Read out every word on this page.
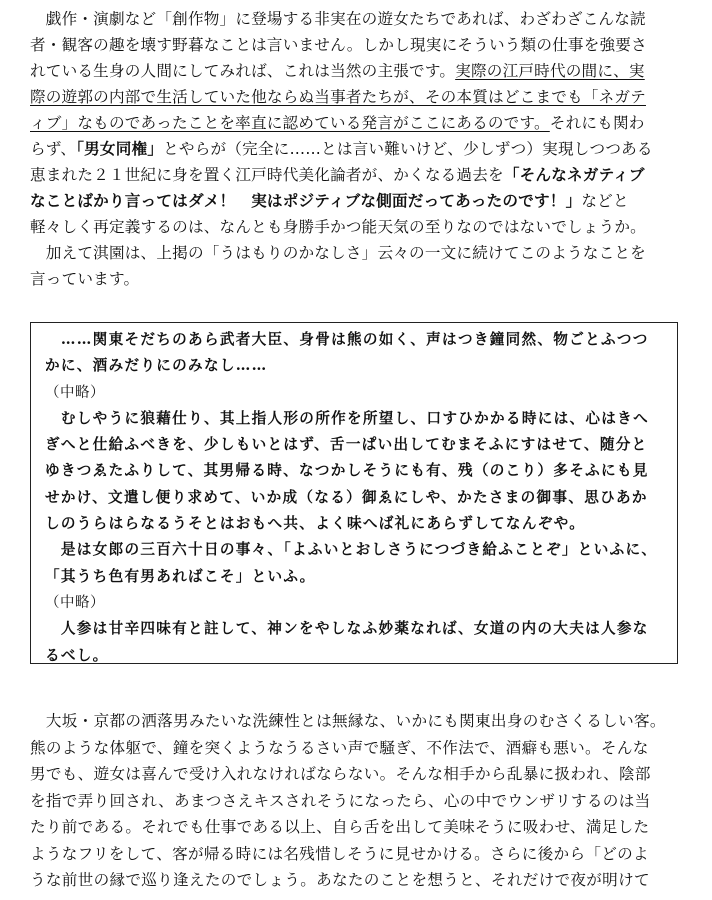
　戯作・演劇など「創作物」に登場する非実在の遊女たちであれば、わざわざこんな読
者・観客の趣を壊す野暮なことは言いません。しかし現実にそういう類の仕事を強要さ
れている生身の人間にしてみれば、これは当然の主張です。実際の江戸時代の間に、実
際の遊郭の内部で生活していた他ならぬ当事者たちが、その本質はどこまでも「ネガテ
ィブ」なものであったことを率直に認めている発言がここにあるのです。それにも関わ
らず、「男女同権」とやらが（完全に……とは言い難いけど、少しずつ）実現しつつある
恵まれた２１世紀に身を置く江戸時代美化論者が、かくなる過去を「そんなネガティブ
なことばかり言ってはダメ！　実はポジティブな側面だってあったのです！」などと
軽々しく再定義するのは、なんとも身勝手かつ能天気の至りなのではないでしょうか。
　加えて淇園は、上掲の「うはもりのかなしさ」云々の一文に続けてこのようなことを
言っています。
　……関東そだちのあら武者大臣、身骨は熊の如く、声はつき鐘同然、物ごとふつつ
かに、酒みだりにのみなし……
（中略）
　むしやうに狼藉仕り、其上指人形の所作を所望し、口すひかかる時には、心はきへ
ぎへと仕給ふべきを、少しもいとはず、舌一ぱい出してむまそふにすはせて、随分と
ゆきつゑたふりして、其男帰る時、なつかしそうにも有、残（のこり）多そふにも見
せかけ、文遣し便り求めて、いか成（なる）御ゑにしや、かたさまの御事、思ひあか
しのうらはらなるうそとはおもへ共、よく味へば礼にあらずしてなんぞや。
　是は女郎の三百六十日の事々、「よふいとおしさうにつづき給ふことぞ」といふに、
「其うち色有男あればこそ」といふ。
（中略）
　人参は甘辛四味有と註して、神ンをやしなふ妙薬なれば、女道の内の大夫は人参な
るべし。
　大坂・京都の洒落男みたいな洗練性とは無縁な、いかにも関東出身のむさくるしい客。
熊のような体躯で、鐘を突くようなうるさい声で騒ぎ、不作法で、酒癖も悪い。そんな
男でも、遊女は喜んで受け入れなければならない。そんな相手から乱暴に扱われ、陰部
を指で弄り回され、あまつさえキスされそうになったら、心の中でウンザリするのは当
たり前である。それでも仕事である以上、自ら舌を出して美味そうに吸わせ、満足した
ようなフリをして、客が帰る時には名残惜しそうに見せかける。さらに後から「どのよ
うな前世の縁で巡り逢えたのでしょう。あなたのことを想うと、それだけで夜が明けて
